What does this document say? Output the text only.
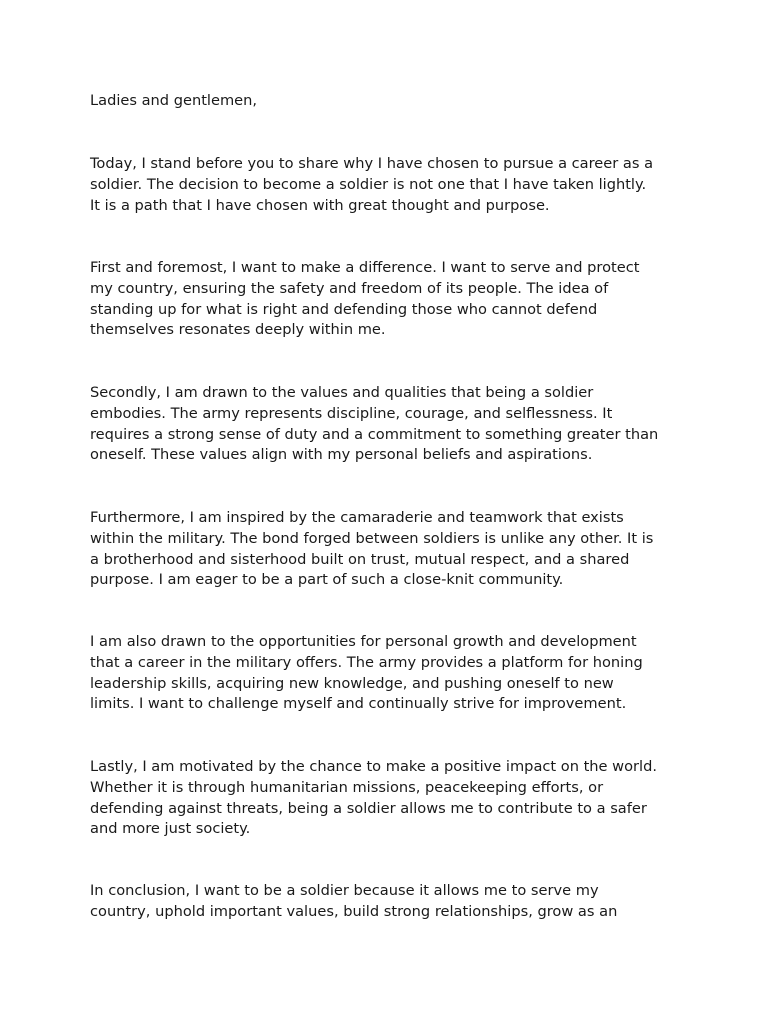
Ladies and gentlemen,

Today, I stand before you to share why I have chosen to pursue a career as a
soldier. The decision to become a soldier is not one that I have taken lightly.
It is a path that I have chosen with great thought and purpose.

First and foremost, I want to make a difference. I want to serve and protect
my country, ensuring the safety and freedom of its people. The idea of
standing up for what is right and defending those who cannot defend
themselves resonates deeply within me.

Secondly, I am drawn to the values and qualities that being a soldier
embodies. The army represents discipline, courage, and selflessness. It
requires a strong sense of duty and a commitment to something greater than
oneself. These values align with my personal beliefs and aspirations.

Furthermore, I am inspired by the camaraderie and teamwork that exists
within the military. The bond forged between soldiers is unlike any other. It is
a brotherhood and sisterhood built on trust, mutual respect, and a shared
purpose. I am eager to be a part of such a close-knit community.

I am also drawn to the opportunities for personal growth and development
that a career in the military offers. The army provides a platform for honing
leadership skills, acquiring new knowledge, and pushing oneself to new
limits. I want to challenge myself and continually strive for improvement.

Lastly, I am motivated by the chance to make a positive impact on the world.
Whether it is through humanitarian missions, peacekeeping efforts, or
defending against threats, being a soldier allows me to contribute to a safer
and more just society.

In conclusion, I want to be a soldier because it allows me to serve my
country, uphold important values, build strong relationships, grow as an
